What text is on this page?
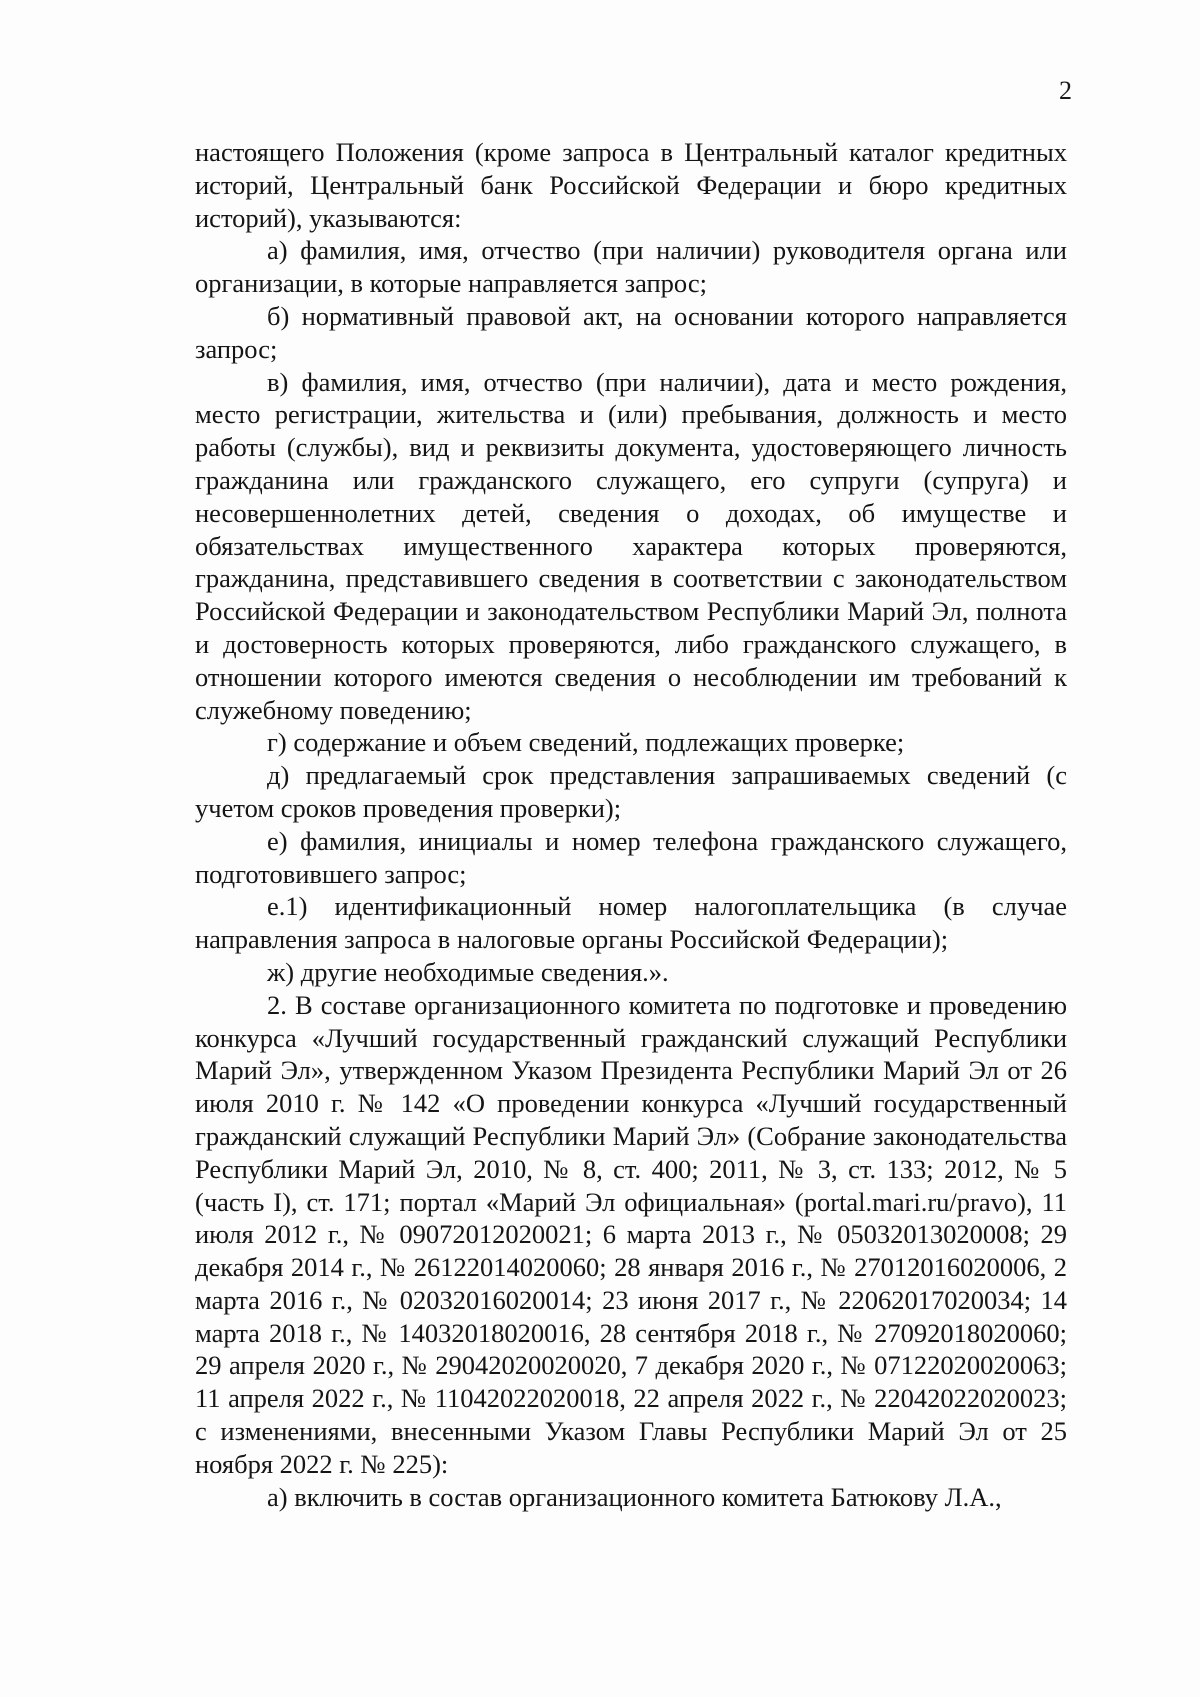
2

настоящего Положения (кроме запроса в Центральный каталог кредитных историй, Центральный банк Российской Федерации и бюро кредитных историй), указываются:

а) фамилия, имя, отчество (при наличии) руководителя органа или организации, в которые направляется запрос;

б) нормативный правовой акт, на основании которого направляется запрос;

в) фамилия, имя, отчество (при наличии), дата и место рождения, место регистрации, жительства и (или) пребывания, должность и место работы (службы), вид и реквизиты документа, удостоверяющего личность гражданина или гражданского служащего, его супруги (супруга) и несовершеннолетних детей, сведения о доходах, об имуществе и обязательствах имущественного характера которых проверяются, гражданина, представившего сведения в соответствии с законодательством Российской Федерации и законодательством Республики Марий Эл, полнота и достоверность которых проверяются, либо гражданского служащего, в отношении которого имеются сведения о несоблюдении им требований к служебному поведению;

г) содержание и объем сведений, подлежащих проверке;

д) предлагаемый срок представления запрашиваемых сведений (с учетом сроков проведения проверки);

е) фамилия, инициалы и номер телефона гражданского служащего, подготовившего запрос;

е.1) идентификационный номер налогоплательщика (в случае направления запроса в налоговые органы Российской Федерации);

ж) другие необходимые сведения.».

2. В составе организационного комитета по подготовке и проведению конкурса «Лучший государственный гражданский служащий Республики Марий Эл», утвержденном Указом Президента Республики Марий Эл от 26 июля 2010 г. № 142 «О проведении конкурса «Лучший государственный гражданский служащий Республики Марий Эл» (Собрание законодательства Республики Марий Эл, 2010, № 8, ст. 400; 2011, № 3, ст. 133; 2012, № 5 (часть I), ст. 171; портал «Марий Эл официальная» (portal.mari.ru/pravo), 11 июля 2012 г., № 09072012020021; 6 марта 2013 г., № 05032013020008; 29 декабря 2014 г., № 26122014020060; 28 января 2016 г., № 27012016020006, 2 марта 2016 г., № 02032016020014; 23 июня 2017 г., № 22062017020034; 14 марта 2018 г., № 14032018020016, 28 сентября 2018 г., № 27092018020060; 29 апреля 2020 г., № 29042020020020, 7 декабря 2020 г., № 07122020020063; 11 апреля 2022 г., № 11042022020018, 22 апреля 2022 г., № 22042022020023; с изменениями, внесенными Указом Главы Республики Марий Эл от 25 ноября 2022 г. № 225):

а) включить в состав организационного комитета Батюкову Л.А.,
